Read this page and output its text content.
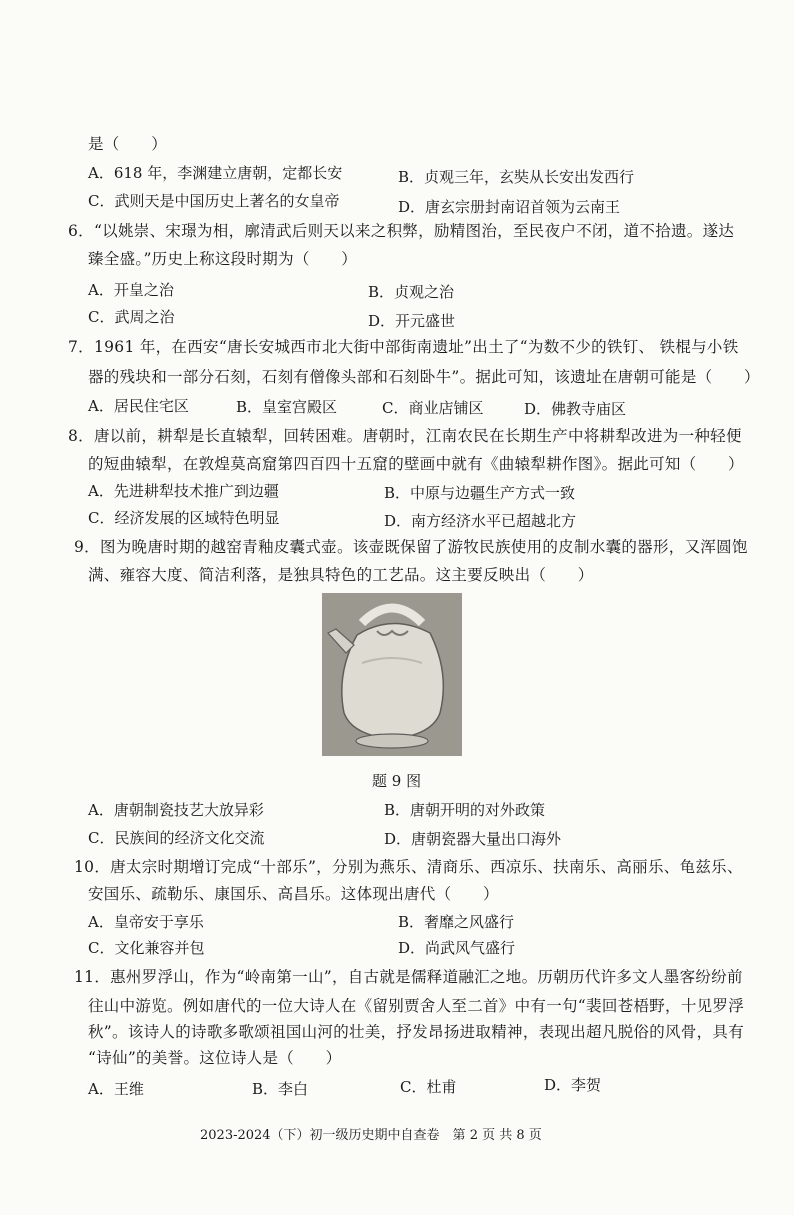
是（　　）
A．618 年，李渊建立唐朝，定都长安	B．贞观三年，玄奘从长安出发西行
C．武则天是中国历史上著名的女皇帝	D．唐玄宗册封南诏首领为云南王
6．“以姚崇、宋璟为相，廓清武后则天以来之积弊，励精图治，至民夜户不闭，道不拾遗。遂达
臻全盛。”历史上称这段时期为（　　）
A．开皇之治	B．贞观之治
C．武周之治	D．开元盛世
7．1961 年，在西安“唐长安城西市北大街中部街南遗址”出土了“为数不少的铁钉、 铁棍与小铁
器的残块和一部分石刻，石刻有僧像头部和石刻卧牛”。据此可知，该遗址在唐朝可能是（　　）
A．居民住宅区	B．皇室宫殿区	C．商业店铺区	D．佛教寺庙区
8．唐以前，耕犁是长直辕犁，回转困难。唐朝时，江南农民在长期生产中将耕犁改进为一种轻便
的短曲辕犁，在敦煌莫高窟第四百四十五窟的壁画中就有《曲辕犁耕作图》。据此可知（　　）
A．先进耕犁技术推广到边疆	B．中原与边疆生产方式一致
C．经济发展的区域特色明显	D．南方经济水平已超越北方
9．图为晚唐时期的越窑青釉皮囊式壶。该壶既保留了游牧民族使用的皮制水囊的器形，又浑圆饱
满、雍容大度、简洁利落，是独具特色的工艺品。这主要反映出（　　）
题 9 图
A．唐朝制瓷技艺大放异彩	B．唐朝开明的对外政策
C．民族间的经济文化交流	D．唐朝瓷器大量出口海外
10．唐太宗时期增订完成“十部乐”，分别为燕乐、清商乐、西凉乐、扶南乐、高丽乐、龟兹乐、
安国乐、疏勒乐、康国乐、高昌乐。这体现出唐代（　　）
A．皇帝安于享乐	B．奢靡之风盛行
C．文化兼容并包	D．尚武风气盛行
11．惠州罗浮山，作为“岭南第一山”，自古就是儒释道融汇之地。历朝历代许多文人墨客纷纷前
往山中游览。例如唐代的一位大诗人在《留别贾舍人至二首》中有一句“裴回苍梧野，十见罗浮
秋”。该诗人的诗歌多歌颂祖国山河的壮美，抒发昂扬进取精神，表现出超凡脱俗的风骨，具有
“诗仙”的美誉。这位诗人是（　　）
A．王维	B．李白	C．杜甫	D．李贺
2023-2024（下）初一级历史期中自查卷　第 2 页 共 8 页
